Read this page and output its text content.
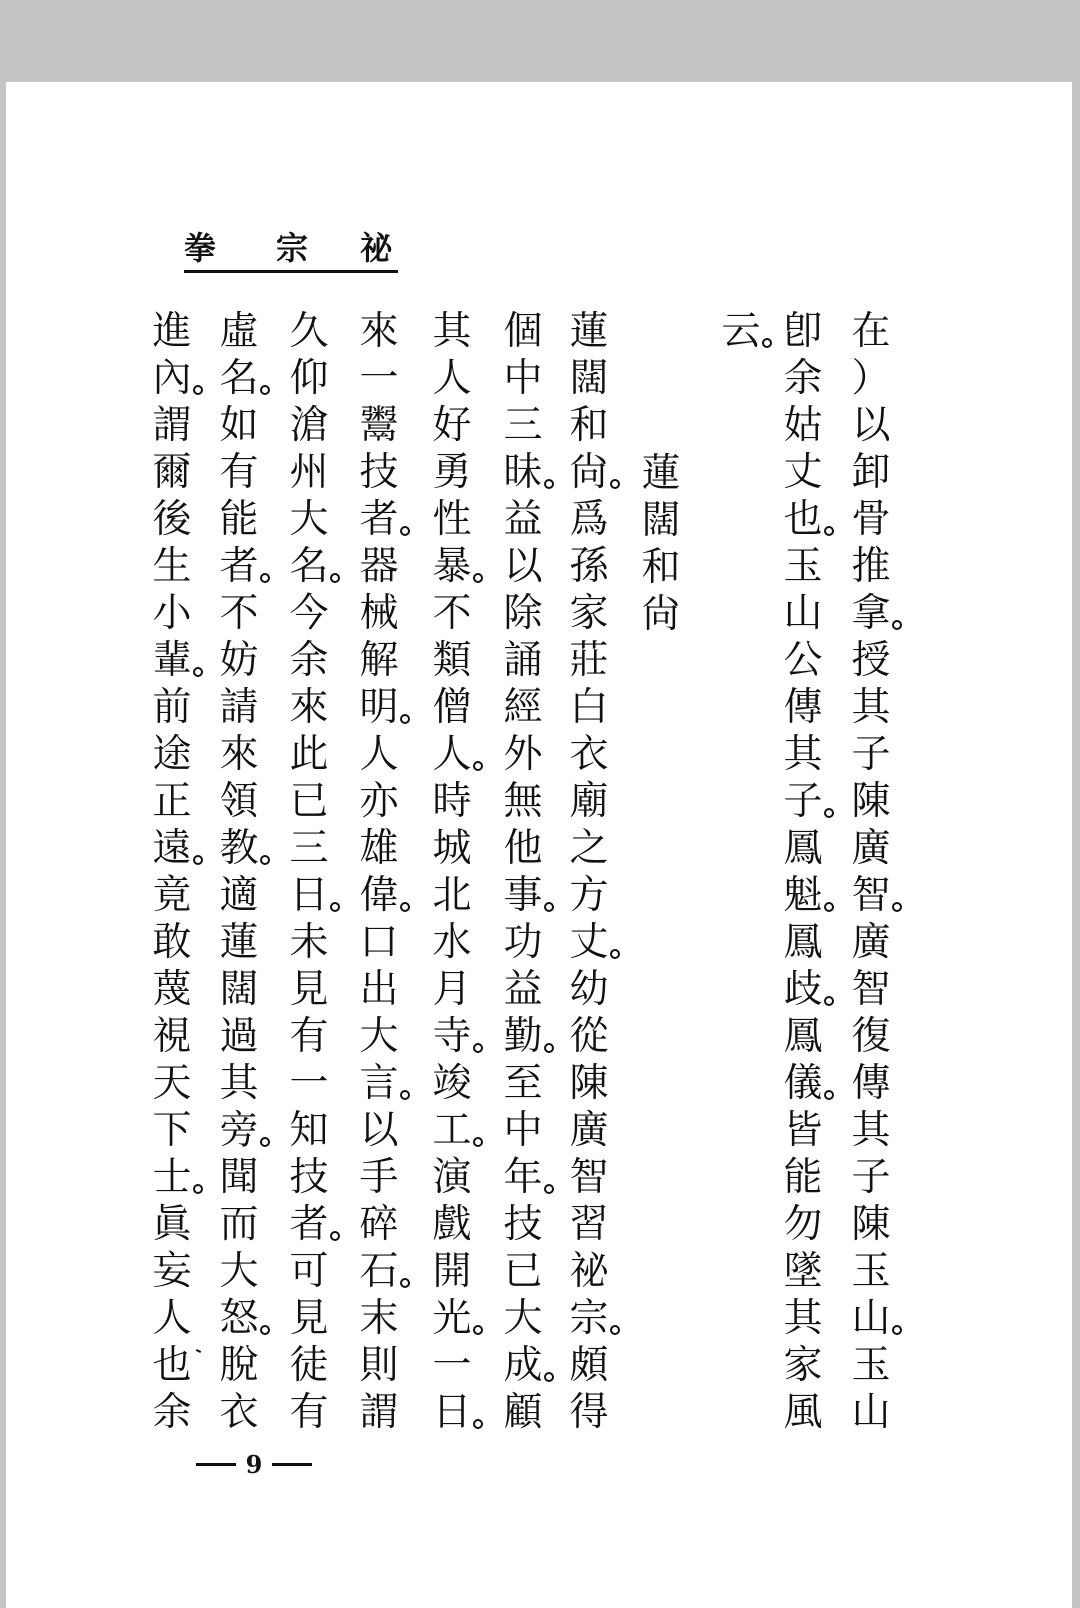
拳 宗 祕
蓮
闊
和
尙
在
）
以
卸
骨
推
拿
授
其
子
陳
廣
智
廣
智
復
傳
其
子
陳
玉
山
玉
山
卽
余
姑
丈
也
玉
山
公
傳
其
子
鳳
魁
鳳
歧
鳳
儀
皆
能
勿
墜
其
家
風
云
蓮
闊
和
尙
爲
孫
家
莊
白
衣
廟
之
方
丈
幼
從
陳
廣
智
習
祕
宗
頗
得
個
中
三
昧
益
以
除
誦
經
外
無
他
事
功
益
勤
至
中
年
技
已
大
成
顧
其
人
好
勇
性
暴
不
類
僧
人
時
城
北
水
月
寺
竣
工
演
戲
開
光
一
日
來
一
鬻
技
者
器
械
解
明
人
亦
雄
偉
口
出
大
言
以
手
碎
石
末
則
謂
久
仰
滄
州
大
名
今
余
來
此
已
三
日
未
見
有
一
知
技
者
可
見
徒
有
虛
名
如
有
能
者
不
妨
請
來
領
教
適
蓮
闊
過
其
旁
聞
而
大
怒
脫
衣
進
內
謂
爾
後
生
小
輩
前
途
正
遠
竟
敢
蔑
視
天
下
士
眞
妄
人
也
余
9
